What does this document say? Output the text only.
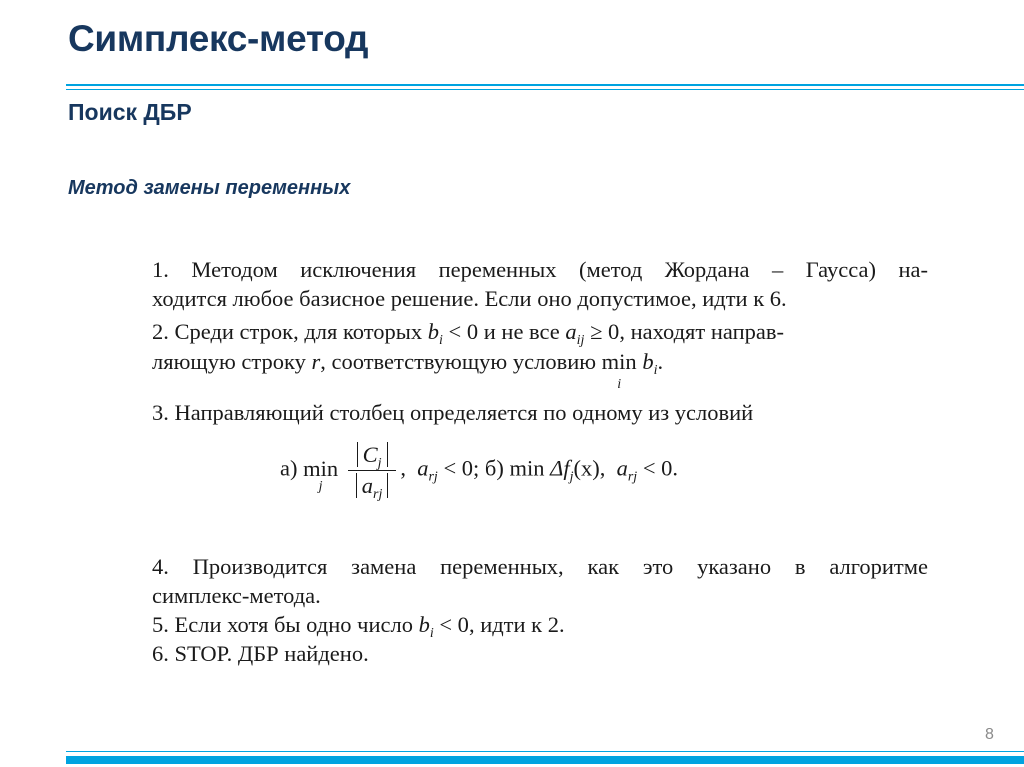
Симплекс-метод
Поиск ДБР
Метод замены переменных
1. Методом исключения переменных (метод Жордана – Гаусса) на-
ходится любое базисное решение. Если оно допустимое, идти к 6.
2. Среди строк, для которых $b_i < 0$ и не все $a_{ij} \ge 0$, находят направ-
ляющую строку r, соответствующую условию min
i
$b_i$.
3. Направляющий столбец определяется по одному из условий
4. Производится замена переменных, как это указано в алгоритме
симплекс-метода.
5. Если хотя бы одно число $b_i < 0$, идти к 2.
6. STOP. ДБР найдено.
а) min
j
$\frac{C_j}{a_{rj}}$ , $a_{rj} < 0$; б) $\min \Delta f_j(x)$, $a_{rj} < 0$.
8
